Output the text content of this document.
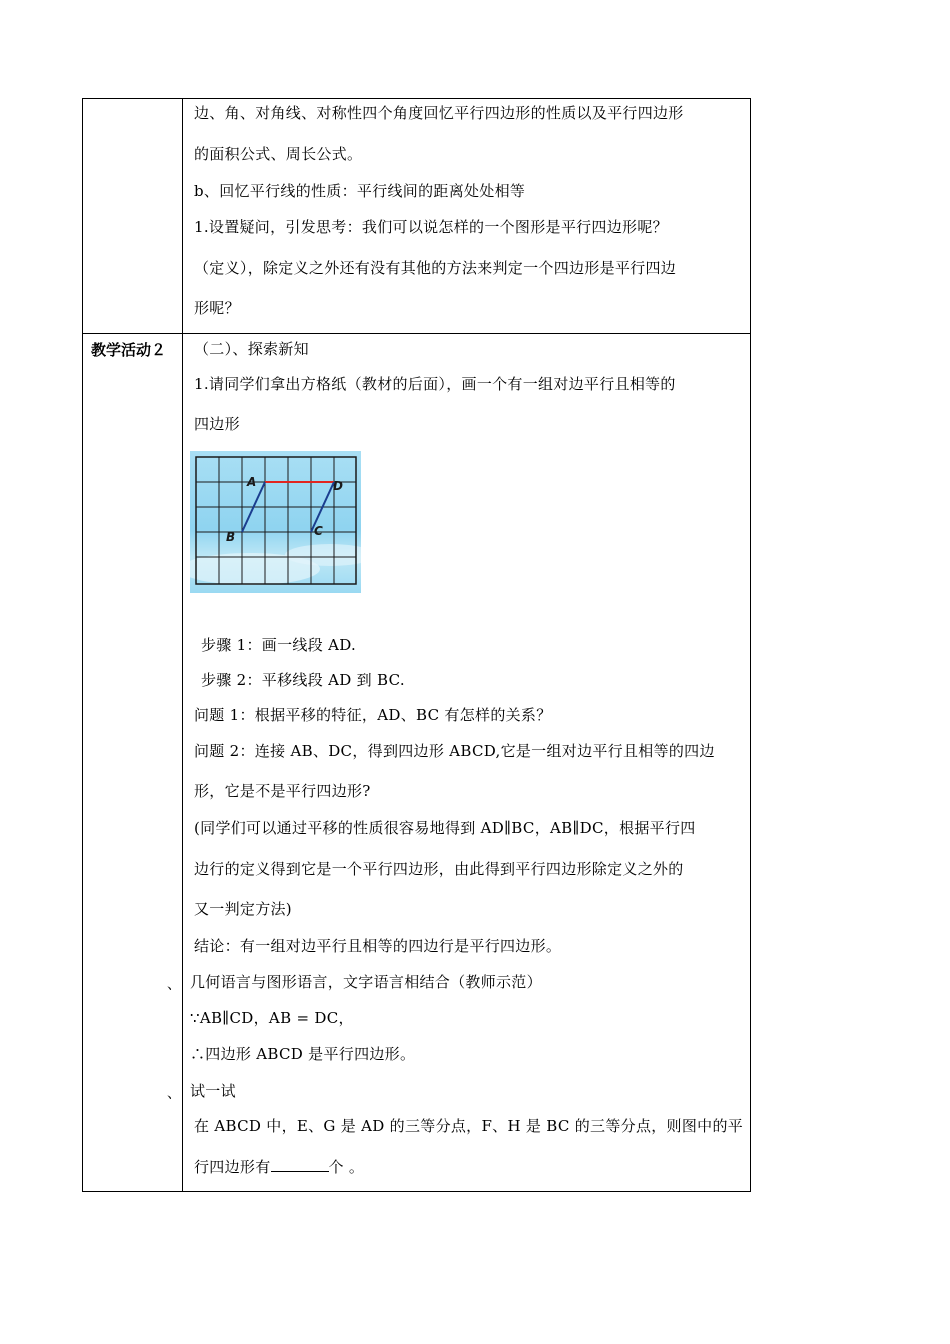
边、角、对角线、对称性四个角度回忆平行四边形的性质以及平行四边形
的面积公式、周长公式。
b、回忆平行线的性质：平行线间的距离处处相等
1.设置疑问，引发思考：我们可以说怎样的一个图形是平行四边形呢？
（定义），除定义之外还有没有其他的方法来判定一个四边形是平行四边
形呢？
教学活动２ （二）、探索新知
1.请同学们拿出方格纸（教材的后面），画一个有一组对边平行且相等的
四边形
A	D
B	C
步骤 1：画一线段 AD.
步骤 2：平移线段 AD 到 BC.
问题 1：根据平移的特征，AD、BC 有怎样的关系？
问题 2：连接 AB、DC，得到四边形 ABCD,它是一组对边平行且相等的四边
形，它是不是平行四边形?
(同学们可以通过平移的性质很容易地得到 AD∥BC，AB∥DC，根据平行四
边行的定义得到它是一个平行四边形，由此得到平行四边形除定义之外的
又一判定方法)
结论：有一组对边平行且相等的四边行是平行四边形。
、 几何语言与图形语言，文字语言相结合（教师示范）
∵AB∥CD，AB = DC，
∴四边形 ABCD 是平行四边形。
、 试一试
在 ABCD 中，E、G 是 AD 的三等分点，F、H 是 BC 的三等分点，则图中的平
行四边形有	个 。
